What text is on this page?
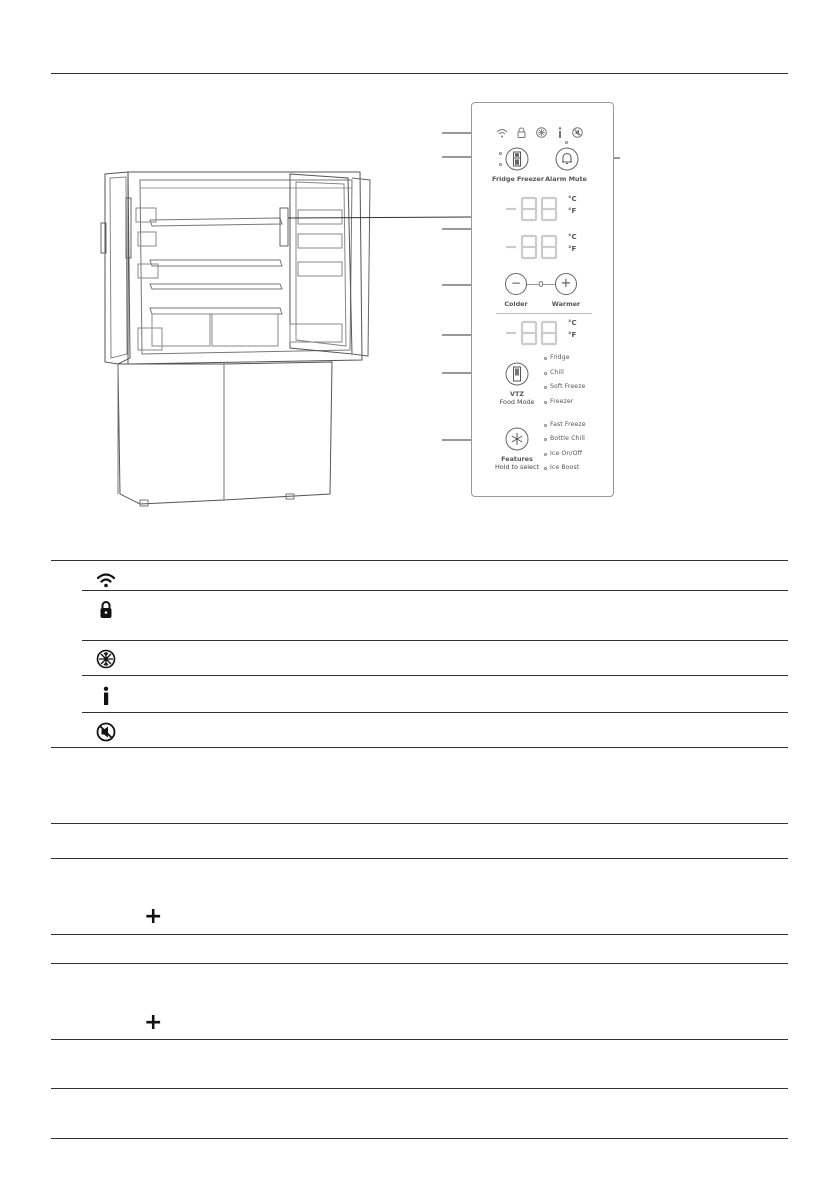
Fridge Freezer Alarm Mute
°C
°F
°C
°F
−	+
Colder	Warmer
°C
°F
VTZ
Food Mode
Fridge
Chill
Soft Freeze
Freezer
Features
Hold to select
Fast Freeze
Bottle Chill
Ice On/Off
Ice Boost
+
+
